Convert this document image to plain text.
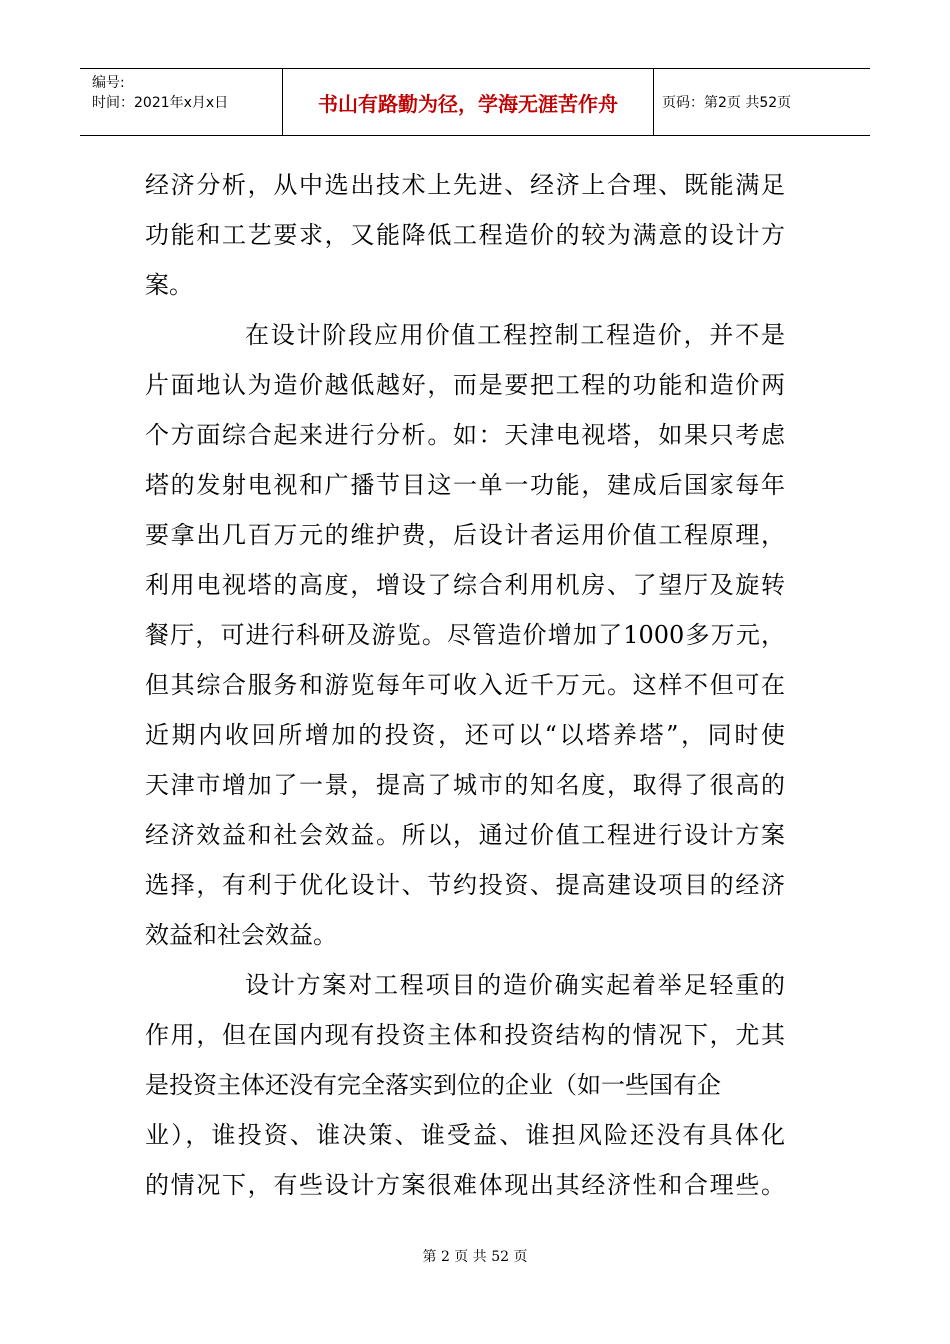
编号:
时间：2021年x月x日	书山有路勤为径，学海无涯苦作舟	页码：第2页 共52页
经济分析，从中选出技术上先进、经济上合理、既能满足
功能和工艺要求，又能降低工程造价的较为满意的设计方
案。
在设计阶段应用价值工程控制工程造价，并不是
片面地认为造价越低越好，而是要把工程的功能和造价两
个方面综合起来进行分析。如：天津电视塔，如果只考虑
塔的发射电视和广播节目这一单一功能，建成后国家每年
要拿出几百万元的维护费，后设计者运用价值工程原理，
利用电视塔的高度，增设了综合利用机房、了望厅及旋转
餐厅，可进行科研及游览。尽管造价增加了1000多万元，
但其综合服务和游览每年可收入近千万元。这样不但可在
近期内收回所增加的投资，还可以“以塔养塔”，同时使
天津市增加了一景，提高了城市的知名度，取得了很高的
经济效益和社会效益。所以，通过价值工程进行设计方案
选择，有利于优化设计、节约投资、提高建设项目的经济
效益和社会效益。
设计方案对工程项目的造价确实起着举足轻重的
作用，但在国内现有投资主体和投资结构的情况下，尤其
是投资主体还没有完全落实到位的企业（如一些国有企
业），谁投资、谁决策、谁受益、谁担风险还没有具体化
的情况下，有些设计方案很难体现出其经济性和合理些。
第 2 页 共 52 页
